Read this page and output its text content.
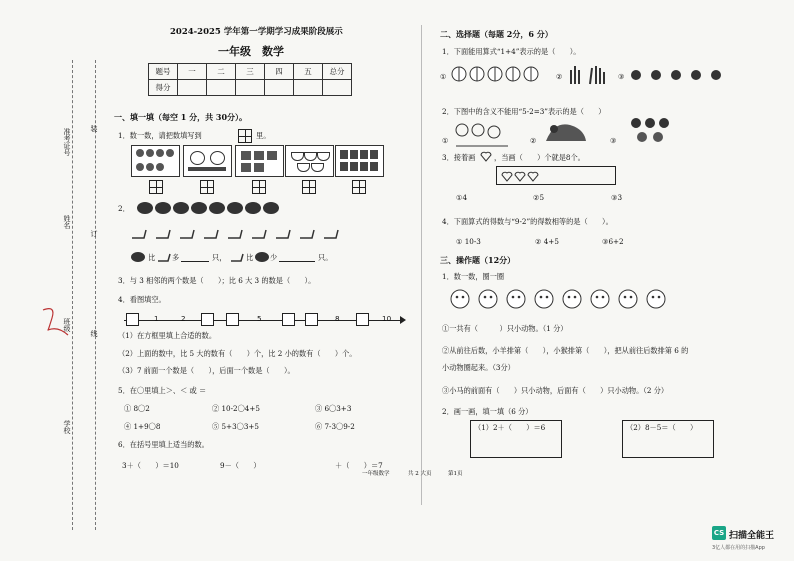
准考证号
姓名
班级
学校
装
订
线
2024-2025 学年第一学期学习成果阶段展示
一年级　数学
题号	一	二	三	四	五	总分
得分						
一、填一填（每空 1 分，共 30分）。
1．数一数，请把数填写到	里。
2．
比 多	只，	比 少	只。
3．与 3 相邻的两个数是（　　）；比 6 大 3 的数是（　　）。
4．看图填空。
1	2	5	8	10
（1）在方框里填上合适的数。
（2）上面的数中，比 5 大的数有（　　）个，比 2 小的数有（　　）个。
（3）7 前面一个数是（　　），后面一个数是（　　）。
5．在〇里填上＞、＜ 或 ＝
① 8〇2	② 10-2〇4+5	③ 6〇3+3
④ 1+9〇8	⑤ 5+3〇3+5	⑥ 7-3〇9-2
6．在括号里填上适当的数。
3＋（　　）＝10	9－（　　）	＋（　　）＝7
二、选择题（每题 2分，6 分）
1．下面能用算式“1+4”表示的是（　　）。
①	②	③
2．下图中的含义不能用“5-2=3”表示的是（　　）
①	②	③
3．接着画	，当画（　　）个就是8个。
①4	②5	③3
4．下面算式的得数与“9-2”的得数相等的是（　　）。
① 10-3	② 4+5	③6+2
三、操作题（12分）
1．数一数，圈一圈
①一共有（　　　）只小动物。（1 分）
②从前往后数，小羊排第（　　），小猴排第（　　），把从前往后数排第 6 的
小动物圈起来。（3分）
③小马的前面有（　　）只小动物，后面有（　　）只小动物。（2 分）
2．画一画，填一填（6 分）
（1）2＋（　　）＝6	（2）8－5＝（　　）
一年级数学	共 2 大页	第1页
CS 扫描全能王
3亿人都在用的扫描App
